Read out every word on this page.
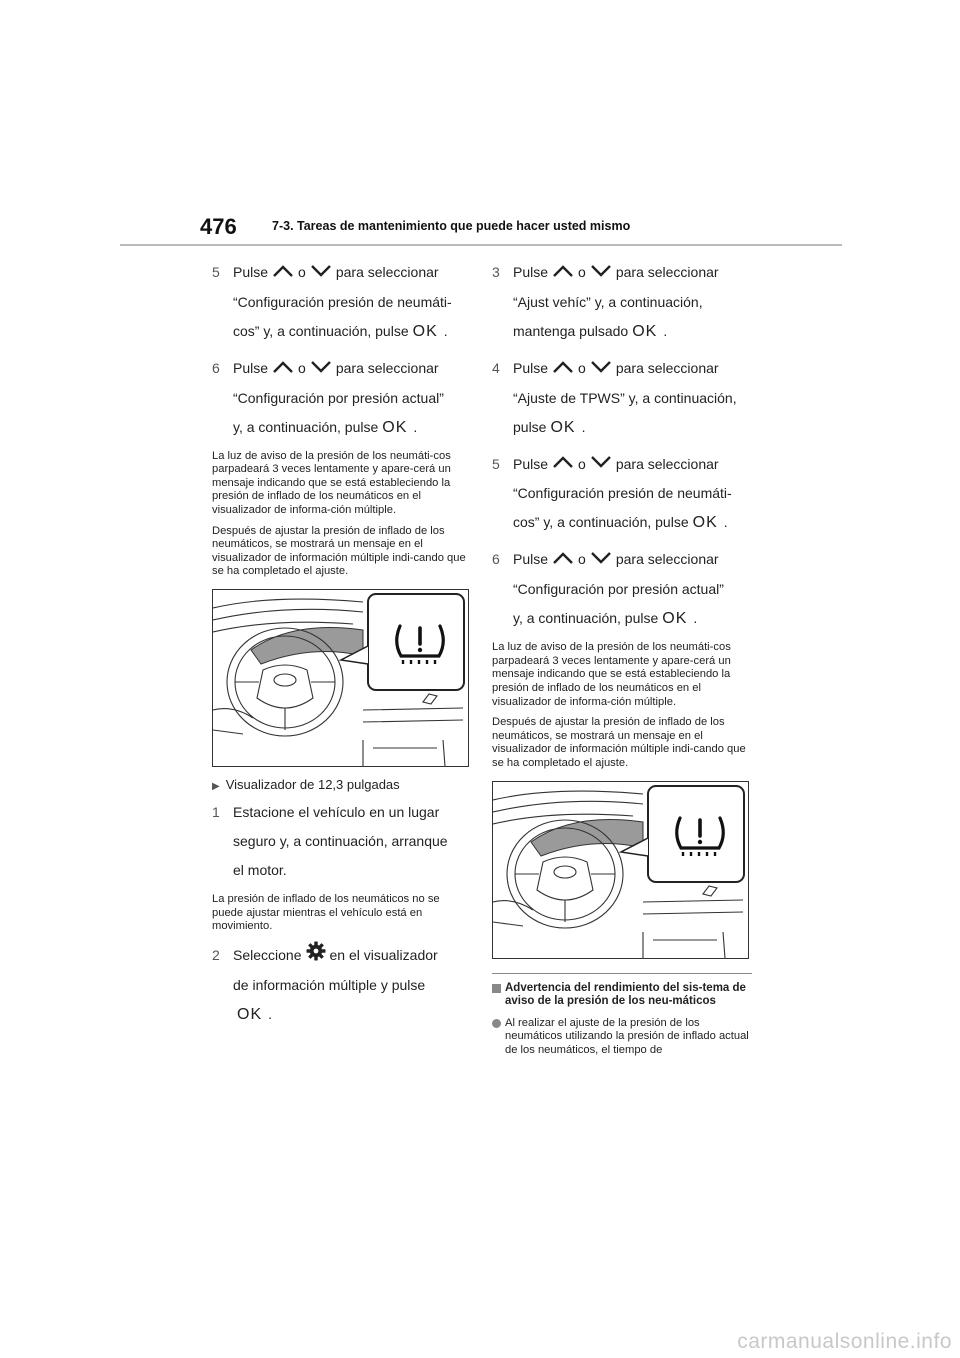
476	7-3. Tareas de mantenimiento que puede hacer usted mismo
5 Pulse o para seleccionar
“Configuración presión de neumáti-
cos” y, a continuación, pulse OK .
6 Pulse o para seleccionar
“Configuración por presión actual”
y, a continuación, pulse OK .

La luz de aviso de la presión de los neumáti-cos parpadeará 3 veces lentamente y apare-cerá un mensaje indicando que se está estableciendo la presión de inflado de los neumáticos en el visualizador de informa-ción múltiple.

Después de ajustar la presión de inflado de los neumáticos, se mostrará un mensaje en el visualizador de información múltiple indi-cando que se ha completado el ajuste.

▶ Visualizador de 12,3 pulgadas
1 Estacione el vehículo en un lugar
seguro y, a continuación, arranque
el motor.

La presión de inflado de los neumáticos no se puede ajustar mientras el vehículo está en movimiento.

2 Seleccione en el visualizador
de información múltiple y pulse
OK .
3 Pulse o para seleccionar
“Ajust vehíc” y, a continuación,
mantenga pulsado OK .
4 Pulse o para seleccionar
“Ajuste de TPWS” y, a continuación,
pulse OK .
5 Pulse o para seleccionar
“Configuración presión de neumáti-
cos” y, a continuación, pulse OK .
6 Pulse o para seleccionar
“Configuración por presión actual”
y, a continuación, pulse OK .

La luz de aviso de la presión de los neumáti-cos parpadeará 3 veces lentamente y apare-cerá un mensaje indicando que se está estableciendo la presión de inflado de los neumáticos en el visualizador de informa-ción múltiple.

Después de ajustar la presión de inflado de los neumáticos, se mostrará un mensaje en el visualizador de información múltiple indi-cando que se ha completado el ajuste.

Advertencia del rendimiento del sis-tema de aviso de la presión de los neu-máticos
Al realizar el ajuste de la presión de los neumáticos utilizando la presión de inflado actual de los neumáticos, el tiempo de
carmanualsonline.info
